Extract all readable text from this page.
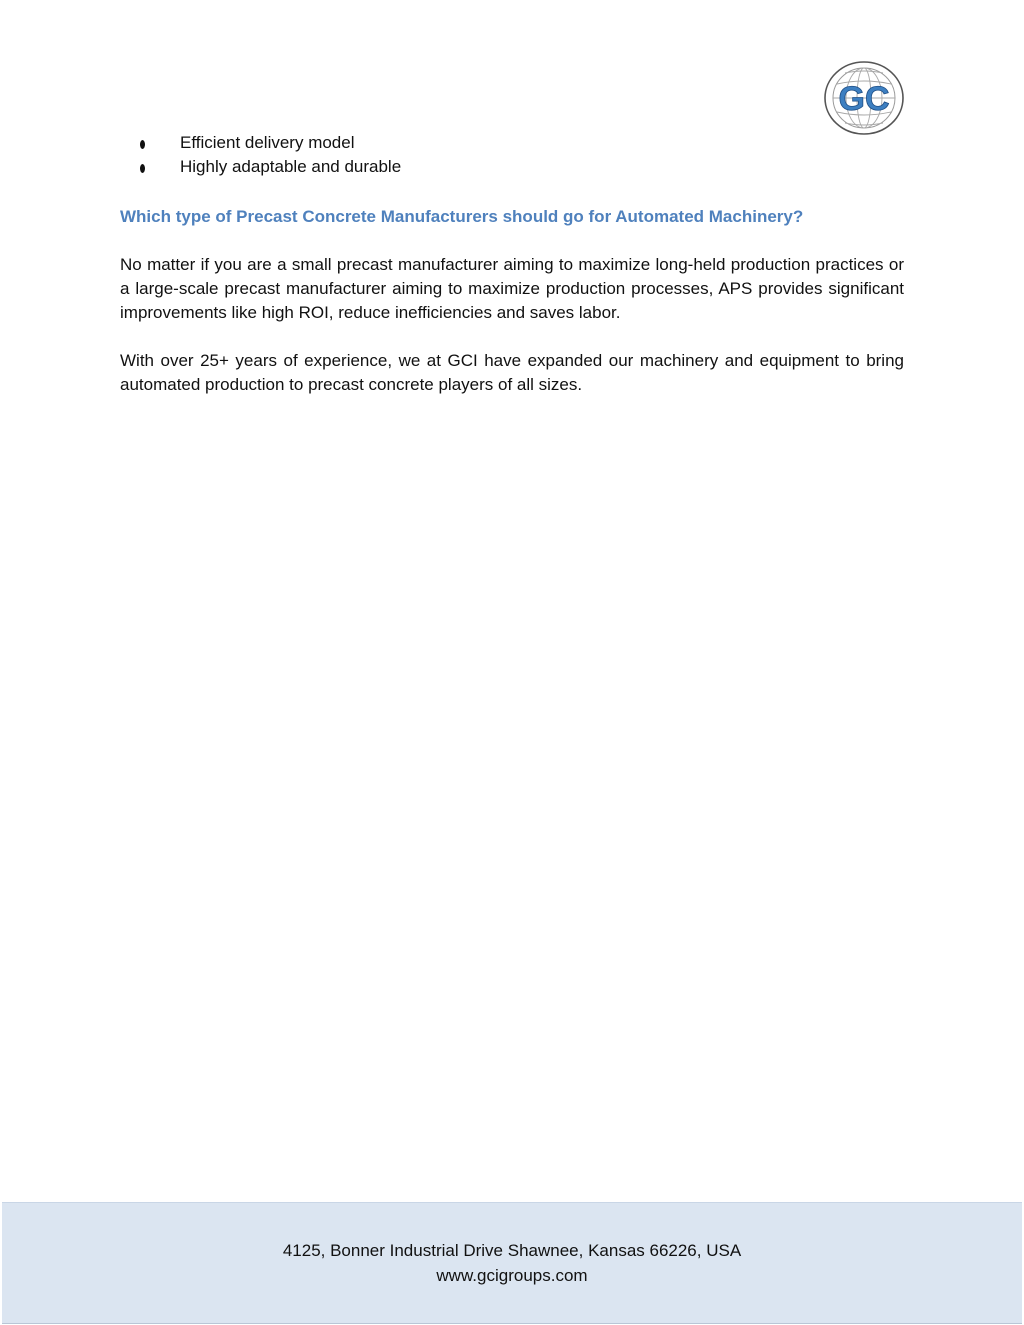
GC
Efficient delivery model
Highly adaptable and durable
Which type of Precast Concrete Manufacturers should go for Automated Machinery?

No matter if you are a small precast manufacturer aiming to maximize long-held production practices or a large-scale precast manufacturer aiming to maximize production processes, APS provides significant improvements like high ROI, reduce inefficiencies and saves labor.

With over 25+ years of experience, we at GCI have expanded our machinery and equipment to bring automated production to precast concrete players of all sizes.

4125, Bonner Industrial Drive Shawnee, Kansas 66226, USA
www.gcigroups.com
